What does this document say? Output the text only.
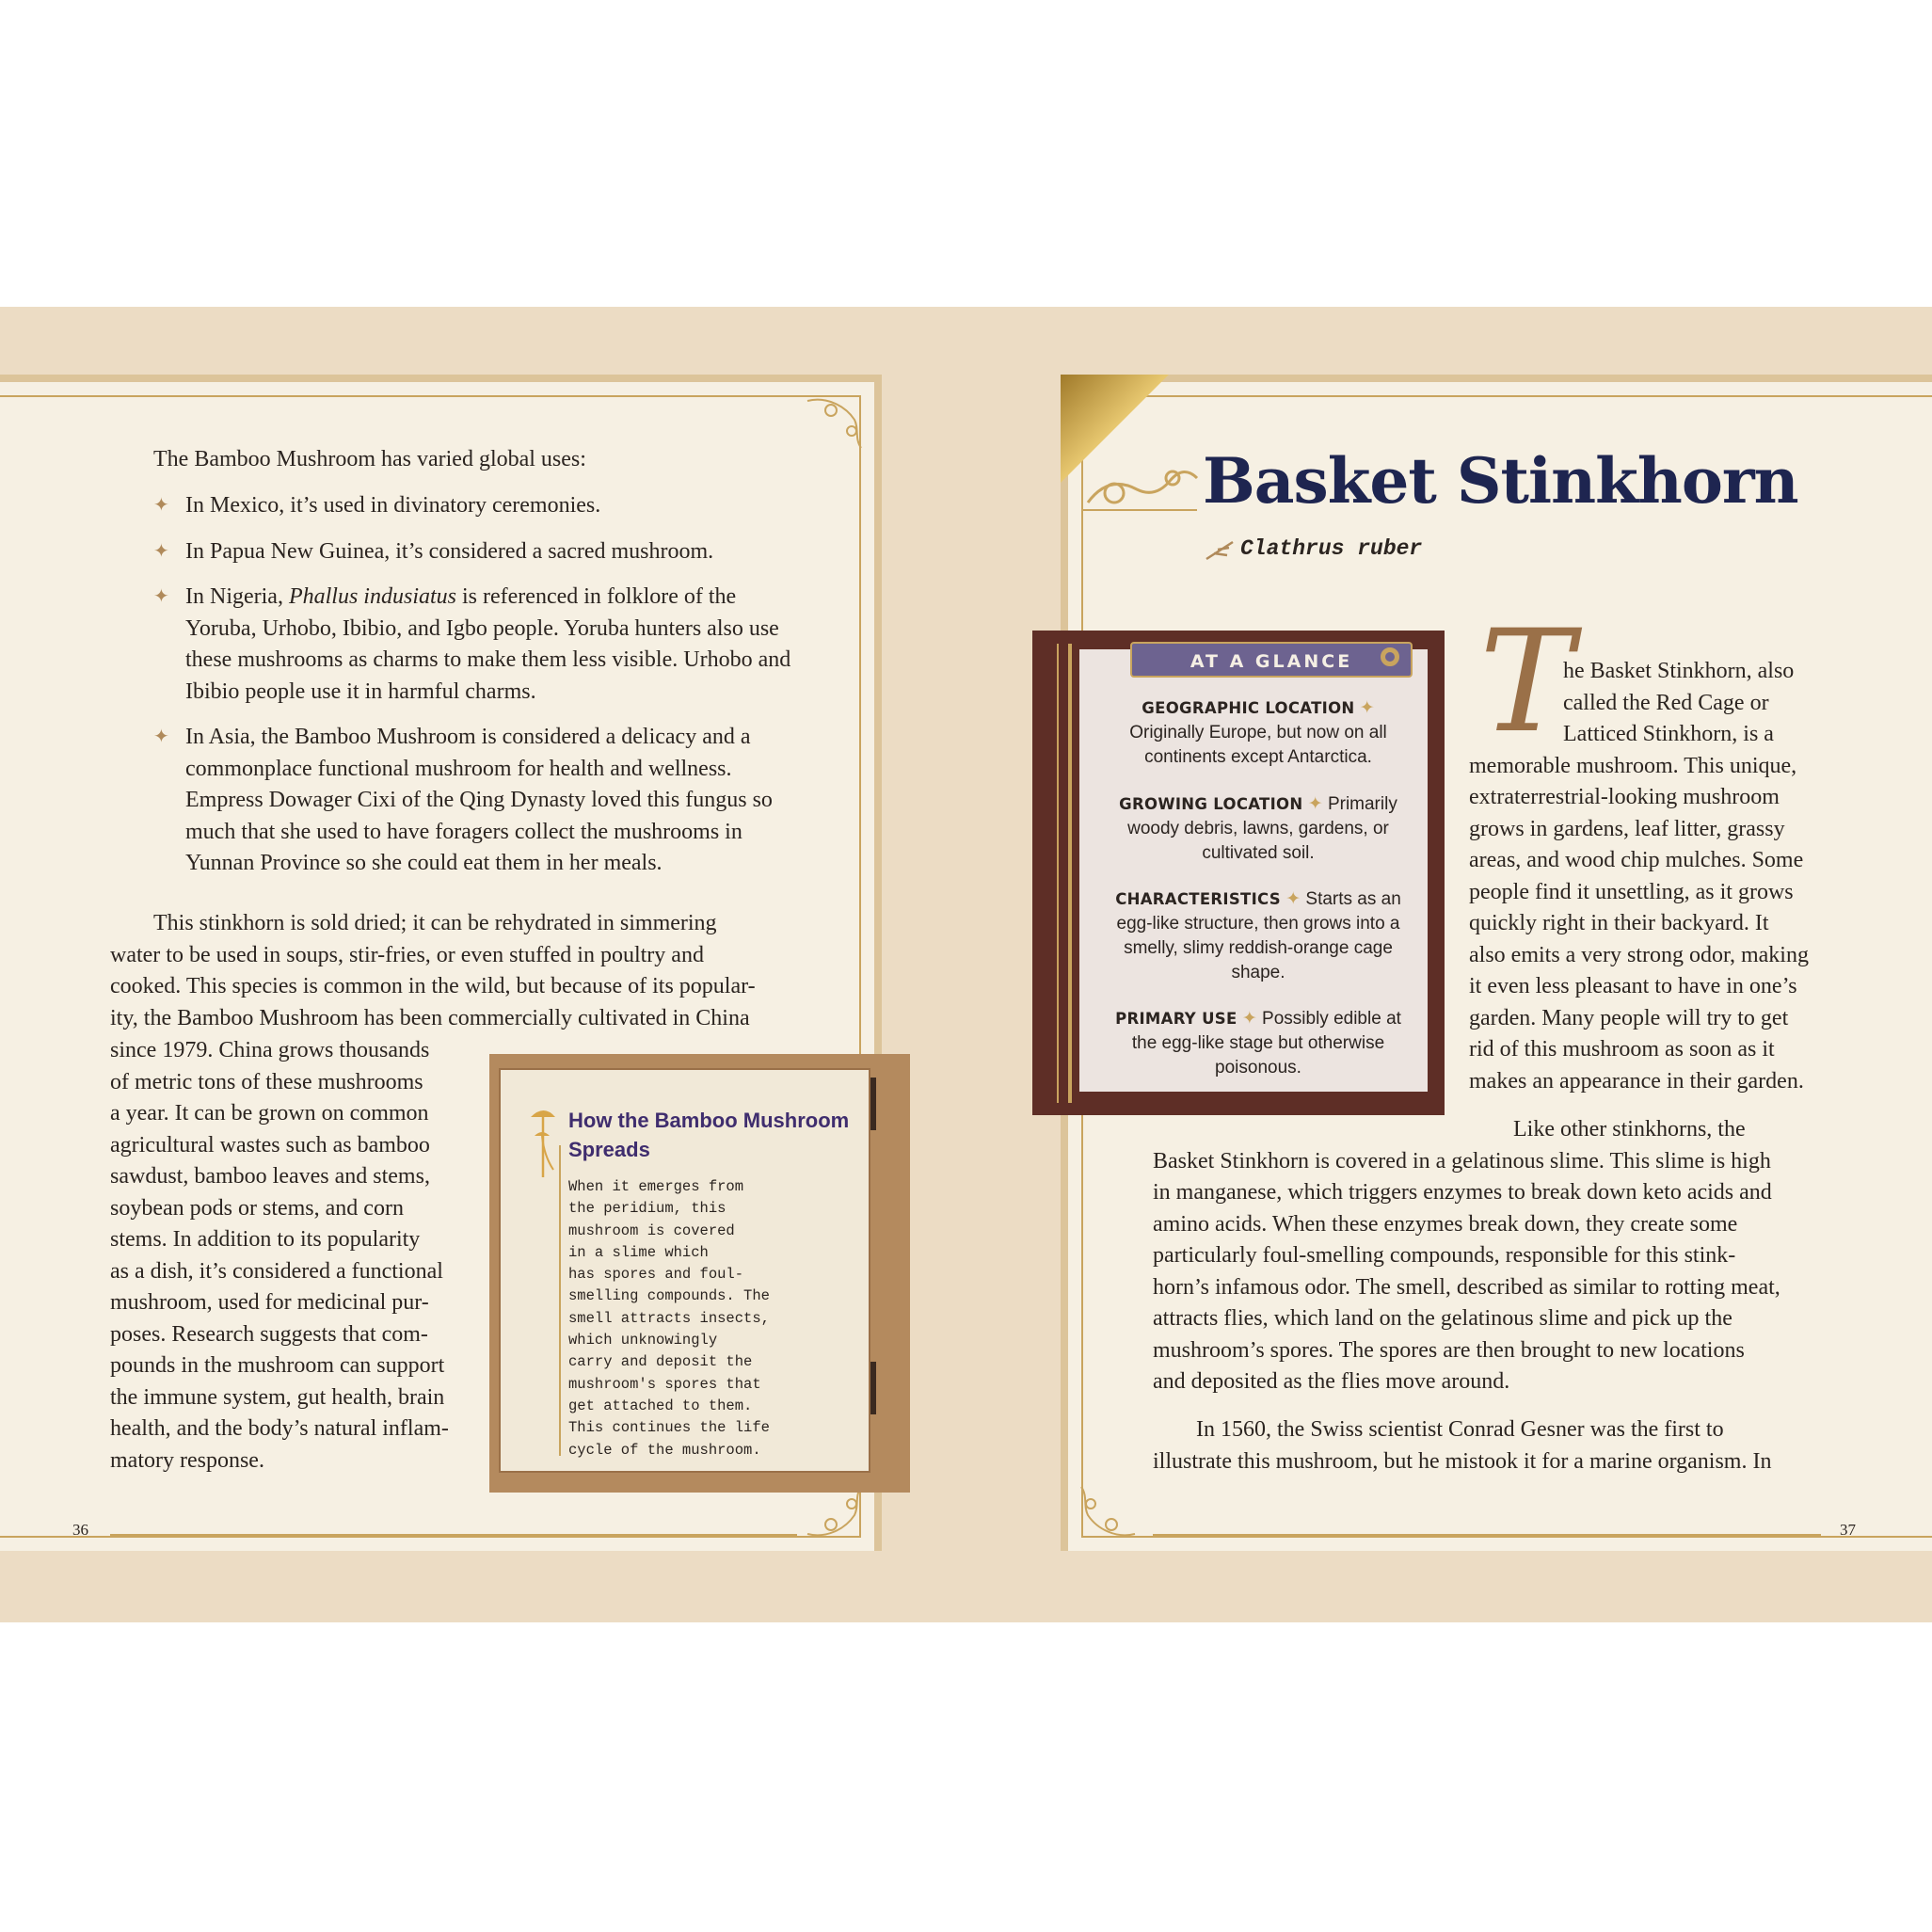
The Bamboo Mushroom has varied global uses:
✦ In Mexico, it’s used in divinatory ceremonies.
✦ In Papua New Guinea, it’s considered a sacred mushroom.
✦ In Nigeria, Phallus indusiatus is referenced in folklore of the Yoruba, Urhobo, Ibibio, and Igbo people. Yoruba hunters also use these mushrooms as charms to make them less visible. Urhobo and Ibibio people use it in harmful charms.
✦ In Asia, the Bamboo Mushroom is considered a delicacy and a commonplace functional mushroom for health and wellness. Empress Dowager Cixi of the Qing Dynasty loved this fungus so much that she used to have foragers collect the mushrooms in Yunnan Province so she could eat them in her meals.
This stinkhorn is sold dried; it can be rehydrated in simmering
water to be used in soups, stir-fries, or even stuffed in poultry and
cooked. This species is common in the wild, but because of its popular-
ity, the Bamboo Mushroom has been commercially cultivated in China
since 1979. China grows thousands
of metric tons of these mushrooms
a year. It can be grown on common
agricultural wastes such as bamboo
sawdust, bamboo leaves and stems,
soybean pods or stems, and corn
stems. In addition to its popularity
as a dish, it’s considered a functional
mushroom, used for medicinal pur-
poses. Research suggests that com-
pounds in the mushroom can support
the immune system, gut health, brain
health, and the body’s natural inflam-
matory response.
36
How the Bamboo Mushroom Spreads
When it emerges from
the peridium, this
mushroom is covered
in a slime which
has spores and foul-
smelling compounds. The
smell attracts insects,
which unknowingly
carry and deposit the
mushroom's spores that
get attached to them.
This continues the life
cycle of the mushroom.
Basket Stinkhorn
Clathrus ruber
AT A GLANCE
GEOGRAPHIC LOCATION ✦ Originally Europe, but now on all continents except Antarctica.
GROWING LOCATION ✦ Primarily woody debris, lawns, gardens, or cultivated soil.
CHARACTERISTICS ✦ Starts as an egg-like structure, then grows into a smelly, slimy reddish-orange cage shape.
PRIMARY USE ✦ Possibly edible at the egg-like stage but otherwise poisonous.
T
he Basket Stinkhorn, also
called the Red Cage or
Latticed Stinkhorn, is a
memorable mushroom. This unique,
extraterrestrial-looking mushroom
grows in gardens, leaf litter, grassy
areas, and wood chip mulches. Some
people find it unsettling, as it grows
quickly right in their backyard. It
also emits a very strong odor, making
it even less pleasant to have in one’s
garden. Many people will try to get
rid of this mushroom as soon as it
makes an appearance in their garden.
Like other stinkhorns, the
Basket Stinkhorn is covered in a gelatinous slime. This slime is high
in manganese, which triggers enzymes to break down keto acids and
amino acids. When these enzymes break down, they create some
particularly foul-smelling compounds, responsible for this stink-
horn’s infamous odor. The smell, described as similar to rotting meat,
attracts flies, which land on the gelatinous slime and pick up the
mushroom’s spores. The spores are then brought to new locations
and deposited as the flies move around.
In 1560, the Swiss scientist Conrad Gesner was the first to
illustrate this mushroom, but he mistook it for a marine organism. In
37
